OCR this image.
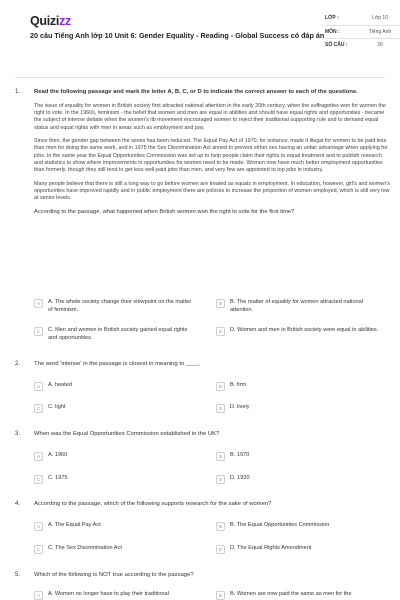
Quizizz
20 câu Tiếng Anh lớp 10 Unit 6: Gender Equality - Reading - Global Success có đáp án
LỚP :	Lớp 10
MÔN :	Tiếng Anh
SỐ CÂU :	20
1. Read the following passage and mark the letter A, B, C, or D to indicate the correct answer to each of the questions.
The issue of equality for women in British society first attracted national attention in the early 20th century, when the suffragettes won for women the right to vote. In the 1960s, feminism - the belief that women and men are equal in abilities and should have equal rights and opportunities - became the subject of intense debate when the women's lib movement encouraged women to reject their traditional supporting role and to demand equal status and equal rights with men in areas such as employment and pay.
Since then, the gender gap between the sexes has been reduced. The Equal Pay Act of 1970, for instance, made it illegal for women to be paid less than men for doing the same work, and in 1975 the Sex Discrimination Act aimed to prevent either sex having an unfair advantage when applying for jobs. In the same year the Equal Opportunities Commission was set up to help people claim their rights to equal treatment and to publish research and statistics to show where improvements in opportunities for women need to be made. Women now have much better employment opportunities than formerly, though they still tend to get less well-paid jobs than men, and very few are appointed to top jobs in industry.
Many people believe that there is still a long way to go before women are treated as equals in employment. In education, however, girl's and women's opportunities have improved rapidly and in public employment there are policies to increase the proportion of women employed, which is still very low at senior levels.
According to the passage, what happened when British women won the right to vote for the first time?
A	A. The whole society change their viewpoint on the matter of feminism.
B	B. The matter of equality for women attracted national attention.
C	C. Men and women in British society gained equal rights and opportunities.
D	D. Women and men in British society were equal in abilities.
2. The word 'intense' in the passage is closest in meaning to ____.
A	A. heated	B	B. firm
C	C. light	D	D. lively
3. When was the Equal Opportunities Commission established in the UK?
A	A. 1960	B	B. 1970
C	C. 1975	D	D. 1920
4. According to the passage, which of the following supports research for the sake of women?
A	A. The Equal Pay Act	B	B. The Equal Opportunities Commission
C	C. The Sex Discrimination Act	D	D. The Equal Rights Amendment
5. Which of the following is NOT true according to the passage?
A	A. Women no longer have to play their traditional	B	B. Women are now paid the same as men for the
